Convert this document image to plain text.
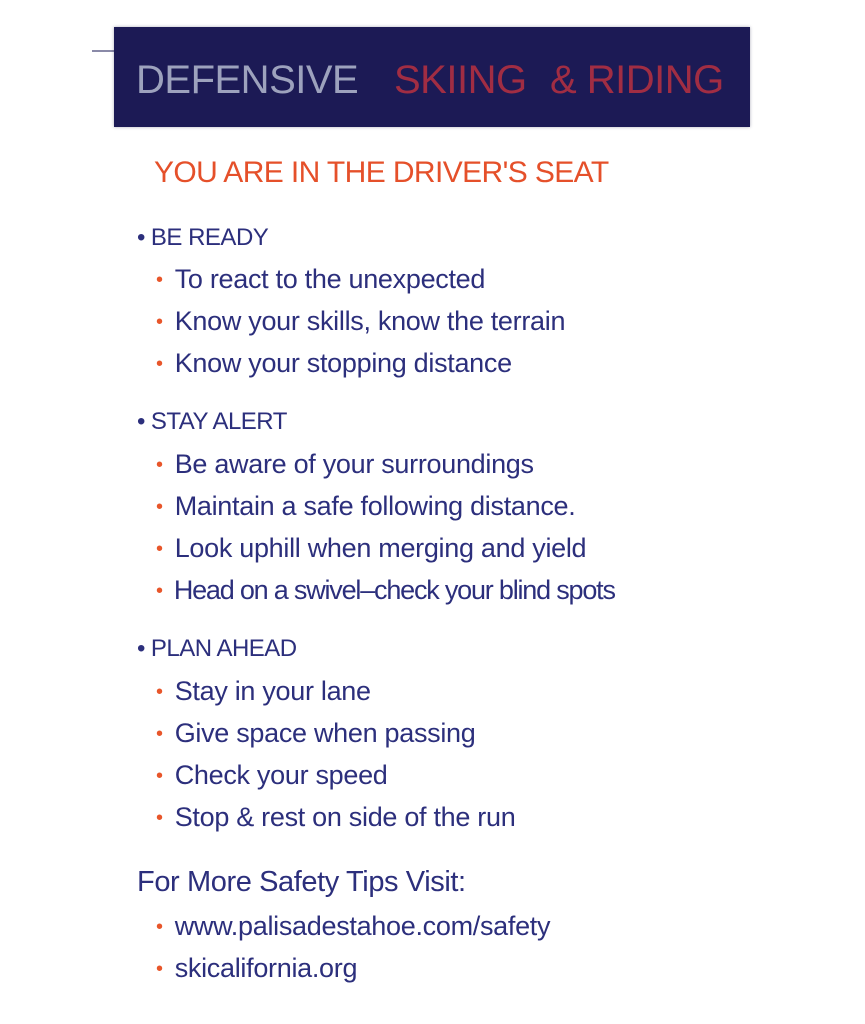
DEFENSIVE SKIING & RIDING
YOU ARE IN THE DRIVER'S SEAT
• BE READY
• To react to the unexpected
• Know your skills, know the terrain
• Know your stopping distance
• STAY ALERT
• Be aware of your surroundings
• Maintain a safe following distance.
• Look uphill when merging and yield
• Head on a swivel–check your blind spots
• PLAN AHEAD
• Stay in your lane
• Give space when passing
• Check your speed
• Stop & rest on side of the run
For More Safety Tips Visit:
• www.palisadestahoe.com/safety
• skicalifornia.org
